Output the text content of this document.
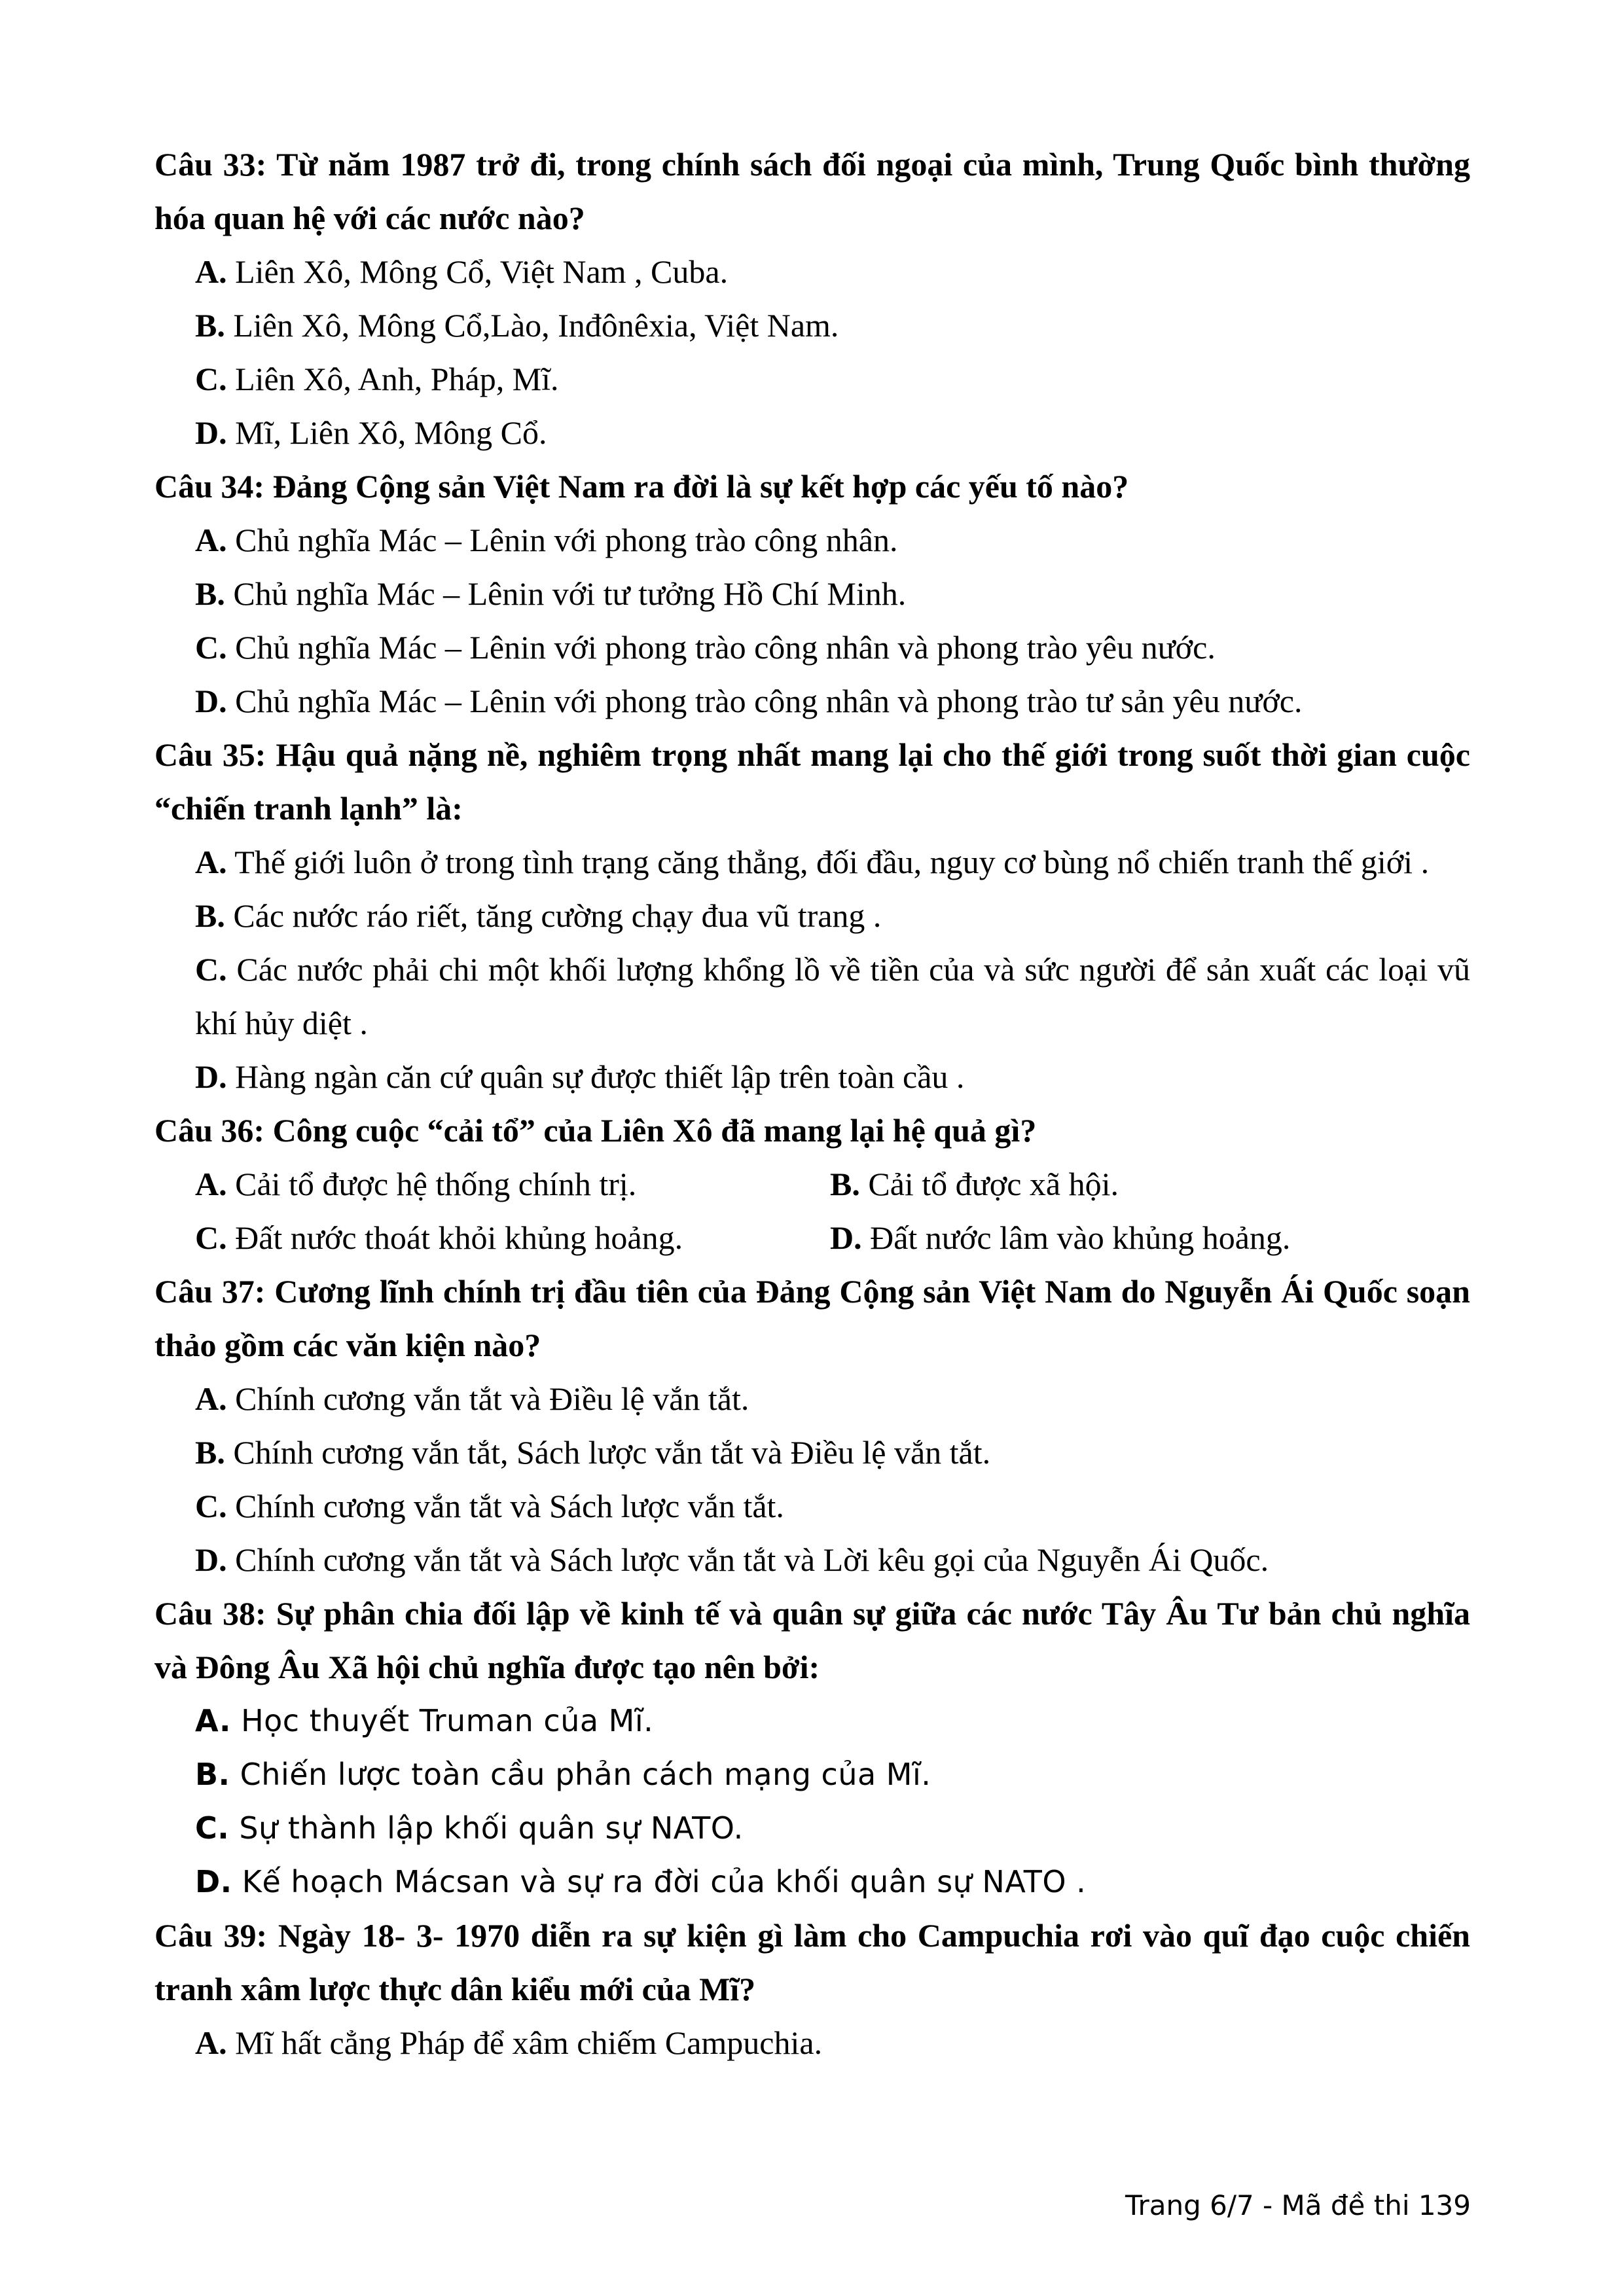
Câu 33: Từ năm 1987 trở đi, trong chính sách đối ngoại của mình, Trung Quốc bình thường hóa quan hệ với các nước nào?
A. Liên Xô, Mông Cổ, Việt Nam , Cuba.
B. Liên Xô, Mông Cổ,Lào, Inđônêxia, Việt Nam.
C. Liên Xô, Anh, Pháp, Mĩ.
D. Mĩ, Liên Xô, Mông Cổ.
Câu 34: Đảng Cộng sản Việt Nam ra đời là sự kết hợp các yếu tố nào?
A. Chủ nghĩa Mác – Lênin với phong trào công nhân.
B. Chủ nghĩa Mác – Lênin với tư tưởng Hồ Chí Minh.
C. Chủ nghĩa Mác – Lênin với phong trào công nhân và phong trào yêu nước.
D. Chủ nghĩa Mác – Lênin với phong trào công nhân và phong trào tư sản yêu nước.
Câu 35: Hậu quả nặng nề, nghiêm trọng nhất mang lại cho thế giới trong suốt thời gian cuộc “chiến tranh lạnh” là:
A. Thế giới luôn ở trong tình trạng căng thẳng, đối đầu, nguy cơ bùng nổ chiến tranh thế giới .
B. Các nước ráo riết, tăng cường chạy đua vũ trang .
C. Các nước phải chi một khối lượng khổng lồ về tiền của và sức người để sản xuất các loại vũ khí hủy diệt .
D. Hàng ngàn căn cứ quân sự được thiết lập trên toàn cầu .
Câu 36: Công cuộc “cải tổ” của Liên Xô đã mang lại hệ quả gì?
A. Cải tổ được hệ thống chính trị.	B. Cải tổ được xã hội.
C. Đất nước thoát khỏi khủng hoảng.	D. Đất nước lâm vào khủng hoảng.
Câu 37: Cương lĩnh chính trị đầu tiên của Đảng Cộng sản Việt Nam do Nguyễn Ái Quốc soạn thảo gồm các văn kiện nào?
A. Chính cương vắn tắt và Điều lệ vắn tắt.
B. Chính cương vắn tắt, Sách lược vắn tắt và Điều lệ vắn tắt.
C. Chính cương vắn tắt và Sách lược vắn tắt.
D. Chính cương vắn tắt và Sách lược vắn tắt và Lời kêu gọi của Nguyễn Ái Quốc.
Câu 38: Sự phân chia đối lập về kinh tế và quân sự giữa các nước Tây Âu Tư bản chủ nghĩa và Đông Âu Xã hội chủ nghĩa được tạo nên bởi:
A. Học thuyết Truman của Mĩ.
B. Chiến lược toàn cầu phản cách mạng của Mĩ.
C. Sự thành lập khối quân sự NATO.
D. Kế hoạch Mácsan và sự ra đời của khối quân sự NATO .
Câu 39: Ngày 18- 3- 1970 diễn ra sự kiện gì làm cho Campuchia rơi vào quĩ đạo cuộc chiến tranh xâm lược thực dân kiểu mới của Mĩ?
A. Mĩ hất cẳng Pháp để xâm chiếm Campuchia.
Trang 6/7 - Mã đề thi 139
